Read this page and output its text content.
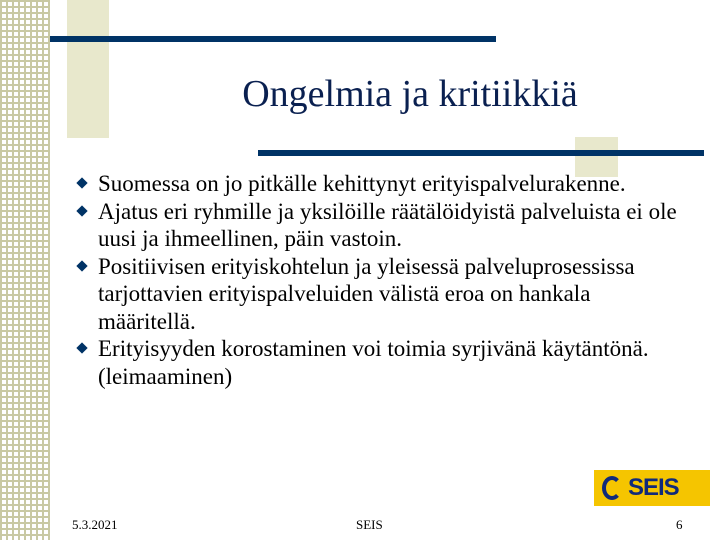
Ongelmia ja kritiikkiä
Suomessa on jo pitkälle kehittynyt erityispalvelurakenne.
Ajatus eri ryhmille ja yksilöille räätälöidyistä palveluista ei ole uusi ja ihmeellinen, päin vastoin.
Positiivisen erityiskohtelun ja yleisessä palveluprosessissa tarjottavien erityispalveluiden välistä eroa on hankala määritellä.
Erityisyyden korostaminen voi toimia syrjivänä käytäntönä. (leimaaminen)
SEIS
5.3.2021	SEIS	6
